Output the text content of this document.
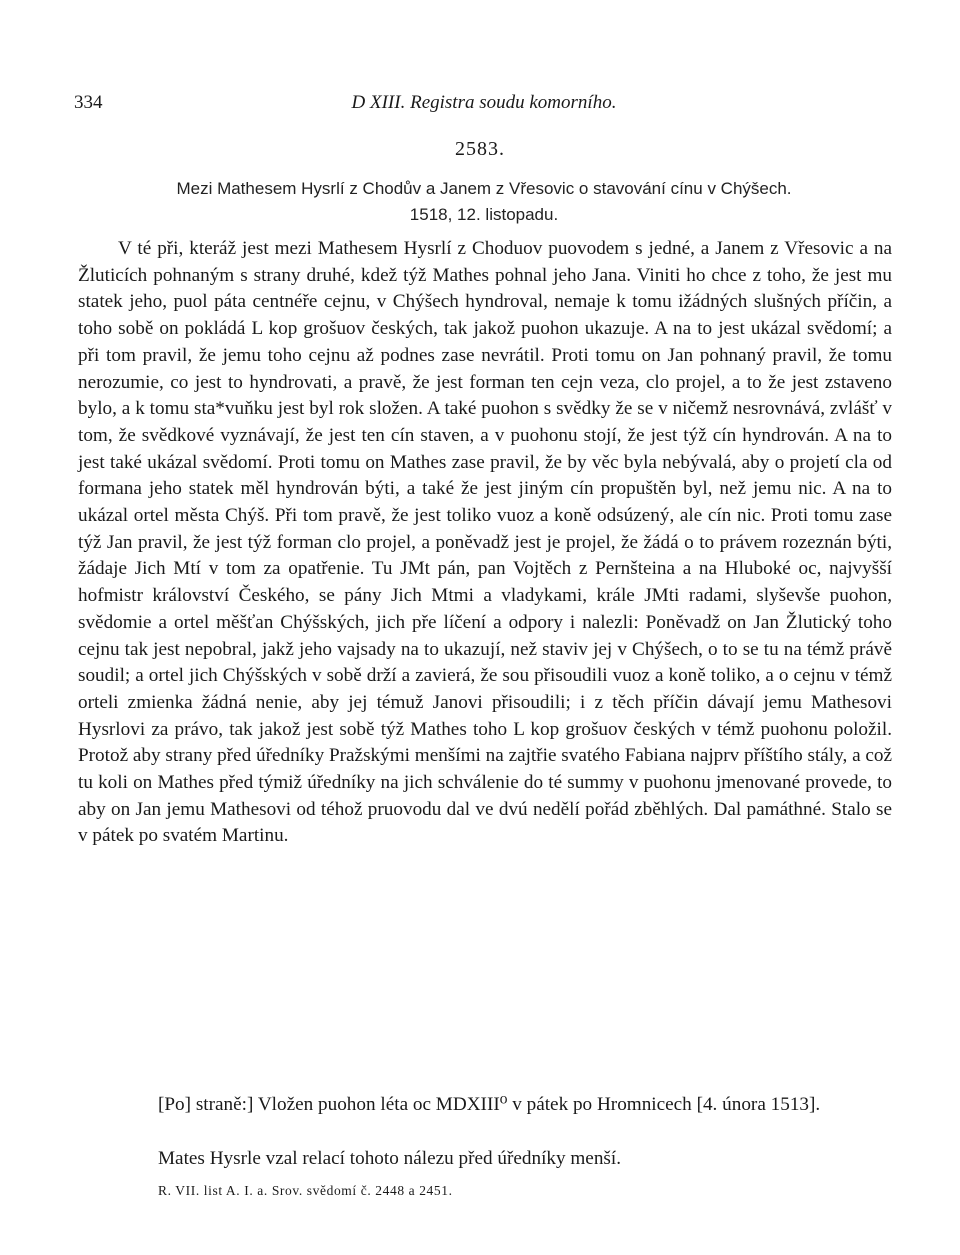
334	D XIII. Registra soudu komorního.
2583.
Mezi Mathesem Hysrlí z Chodův a Janem z Vřesovic o stavování cínu v Chýšech.
1518, 12. listopadu.

V té při, kteráž jest mezi Mathesem Hysrlí z Choduov puovodem s jedné, a Janem z Vřesovic a na Žluticích pohnaným s strany druhé, kdež týž Mathes pohnal jeho Jana. Viniti ho chce z toho, že jest mu statek jeho, puol páta centnéře cejnu, v Chýšech hyndroval, nemaje k tomu ižádných slušných příčin, a toho sobě on pokládá L kop grošuov českých, tak jakož puohon ukazuje. A na to jest ukázal svědomí; a při tom pravil, že jemu toho cejnu až podnes zase nevrátil. Proti tomu on Jan pohnaný pravil, že tomu nerozumie, co jest to hyndrovati, a pravě, že jest forman ten cejn veza, clo projel, a to že jest zstaveno bylo, a k tomu sta*vuňku jest byl rok složen. A také puohon s svědky že se v ničemž nesrovnává, zvlášť v tom, že svědkové vyznávají, že jest ten cín staven, a v puohonu stojí, že jest týž cín hyndrován. A na to jest také ukázal svědomí. Proti tomu on Mathes zase pravil, že by věc byla nebývalá, aby o projetí cla od formana jeho statek měl hyndrován býti, a také že jest jiným cín propuštěn byl, než jemu nic. A na to ukázal ortel města Chýš. Při tom pravě, že jest toliko vuoz a koně odsúzený, ale cín nic. Proti tomu zase týž Jan pravil, že jest týž forman clo projel, a poněvadž jest je projel, že žádá o to právem rozeznán býti, žádaje Jich Mtí v tom za opatřenie. Tu JMt pán, pan Vojtěch z Pernšteina a na Hluboké oc, najvyšší hofmistr království Českého, se pány Jich Mtmi a vladykami, krále JMti radami, slyševše puohon, svědomie a ortel měšťan Chýšských, jich pře líčení a odpory i nalezli: Poněvadž on Jan Žlutický toho cejnu tak jest nepobral, jakž jeho vajsady na to ukazují, než staviv jej v Chýšech, o to se tu na témž právě soudil; a ortel jich Chýšských v sobě drží a zavierá, že sou přisoudili vuoz a koně toliko, a o cejnu v témž orteli zmienka žádná nenie, aby jej témuž Janovi přisoudili; i z těch příčin dávají jemu Mathesovi Hysrlovi za právo, tak jakož jest sobě týž Mathes toho L kop grošuov českých v témž puohonu položil. Protož aby strany před úředníky Pražskými menšími na zajtřie svatého Fabiana najprv příštího stály, a což tu koli on Mathes před týmiž úředníky na jich schválenie do té summy v puohonu jmenované provede, to aby on Jan jemu Mathesovi od téhož pruovodu dal ve dvú nedělí pořád zběhlých. Dal památhné. Stalo se v pátek po svatém Martinu.

[Po] straně:] Vložen puohon léta oc MDXIII⁰ v pátek po Hromnicech [4. února 1513].

Mates Hysrle vzal relací tohoto nálezu před úředníky menší.

R. VII. list A. I. a. Srov. svědomí č. 2448 a 2451.
